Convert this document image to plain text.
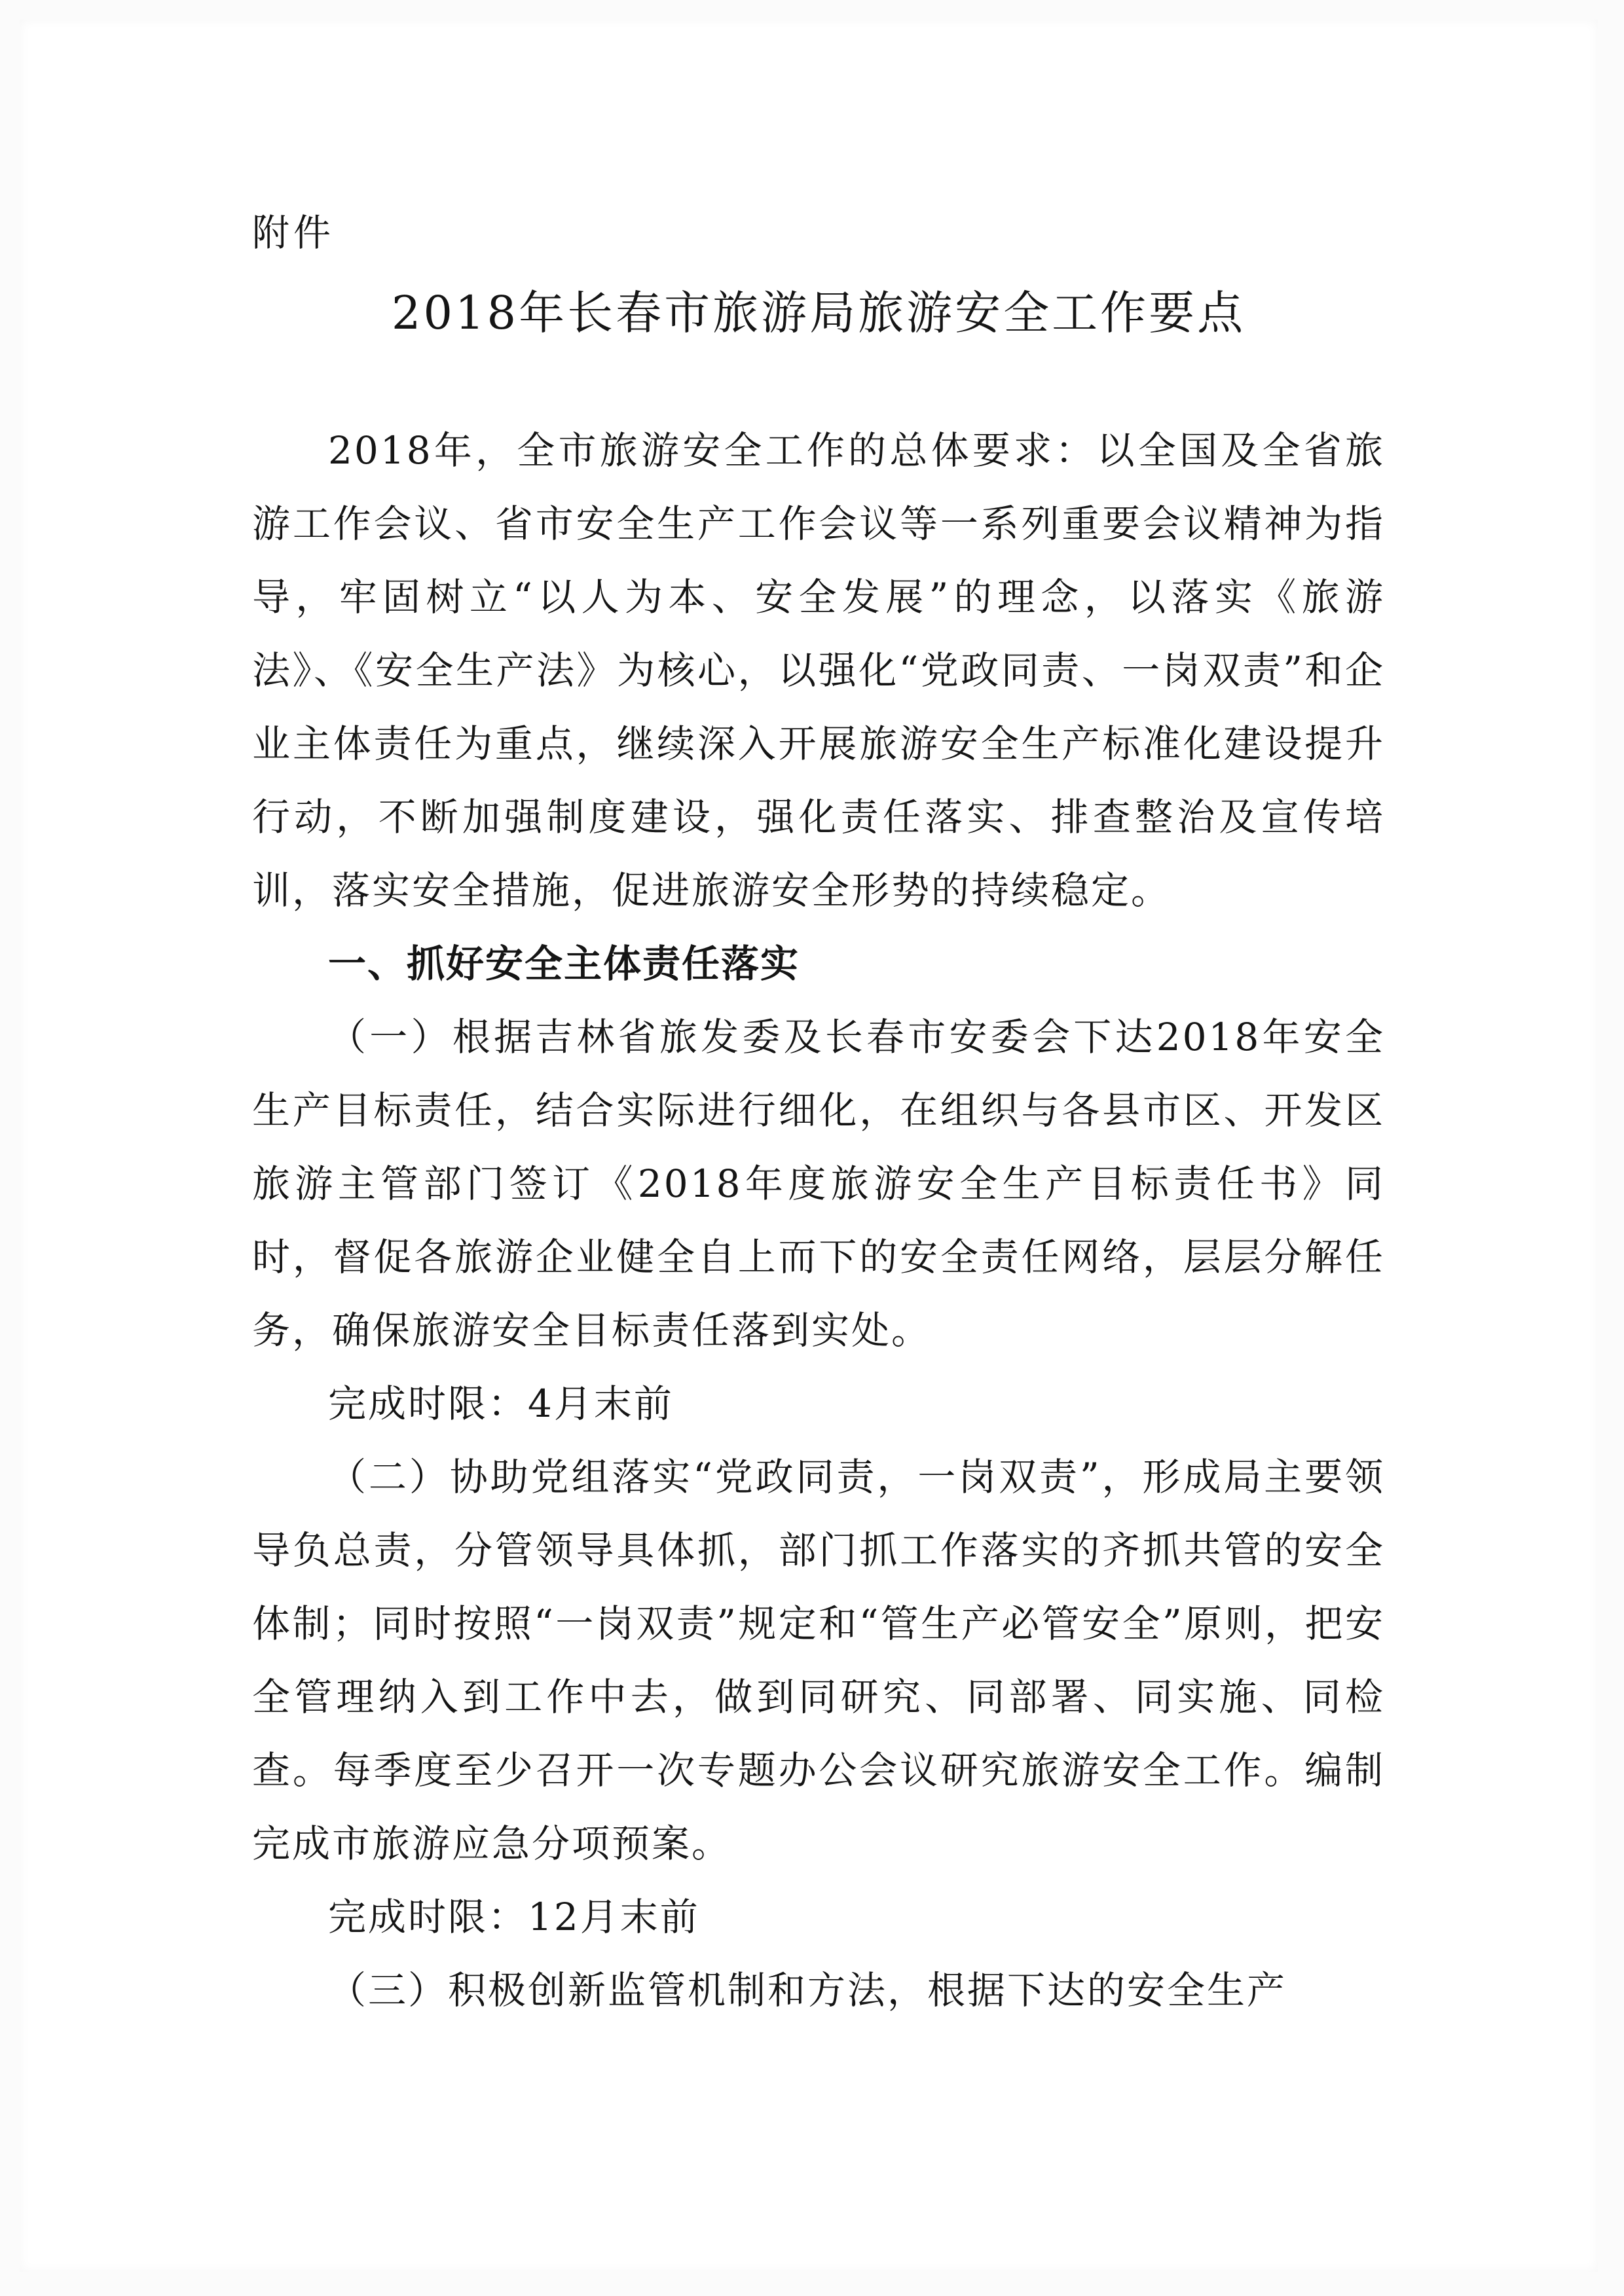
附件
2018年长春市旅游局旅游安全工作要点

2018年，全市旅游安全工作的总体要求：以全国及全省旅游工作会议、省市安全生产工作会议等一系列重要会议精神为指导，牢固树立“以人为本、安全发展”的理念，以落实《旅游法》、《安全生产法》为核心，以强化“党政同责、一岗双责”和企业主体责任为重点，继续深入开展旅游安全生产标准化建设提升行动，不断加强制度建设，强化责任落实、排查整治及宣传培训，落实安全措施，促进旅游安全形势的持续稳定。

一、抓好安全主体责任落实

（一）根据吉林省旅发委及长春市安委会下达2018年安全生产目标责任，结合实际进行细化，在组织与各县市区、开发区旅游主管部门签订《2018年度旅游安全生产目标责任书》同时，督促各旅游企业健全自上而下的安全责任网络，层层分解任务，确保旅游安全目标责任落到实处。

完成时限：4月末前

（二）协助党组落实“党政同责，一岗双责”，形成局主要领导负总责，分管领导具体抓，部门抓工作落实的齐抓共管的安全体制；同时按照“一岗双责”规定和“管生产必管安全”原则，把安全管理纳入到工作中去，做到同研究、同部署、同实施、同检查。每季度至少召开一次专题办公会议研究旅游安全工作。编制完成市旅游应急分项预案。

完成时限：12月末前

（三）积极创新监管机制和方法，根据下达的安全生产
